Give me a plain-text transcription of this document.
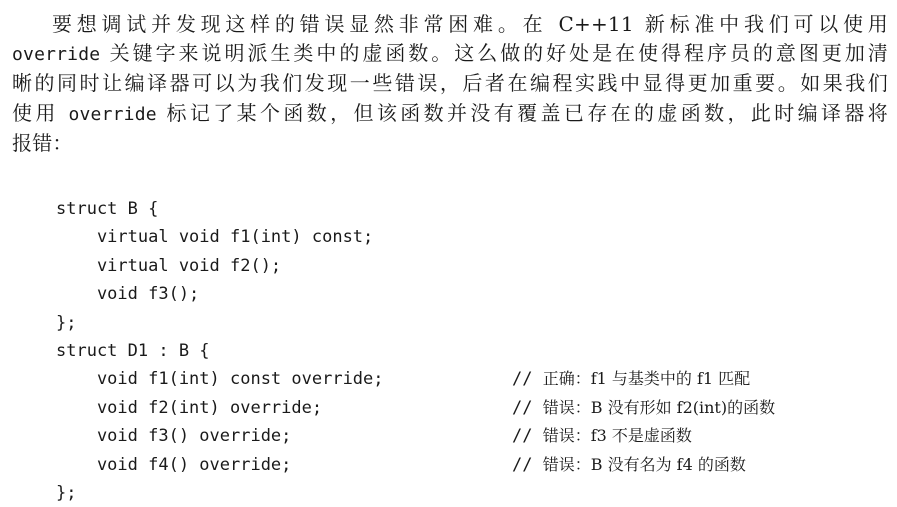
要想调试并发现这样的错误显然非常困难。在 C++11 新标准中我们可以使用
override 关键字来说明派生类中的虚函数。这么做的好处是在使得程序员的意图更加清
晰的同时让编译器可以为我们发现一些错误，后者在编程实践中显得更加重要。如果我们
使用 override 标记了某个函数，但该函数并没有覆盖已存在的虚函数，此时编译器将
报错：
struct B {
virtual void f1(int) const;
virtual void f2();
void f3();
};
struct D1 : B {
void f1(int) const override;	// 正确：f1 与基类中的 f1 匹配
void f2(int) override;	// 错误：B 没有形如 f2(int)的函数
void f3() override;	// 错误：f3 不是虚函数
void f4() override;	// 错误：B 没有名为 f4 的函数
};
